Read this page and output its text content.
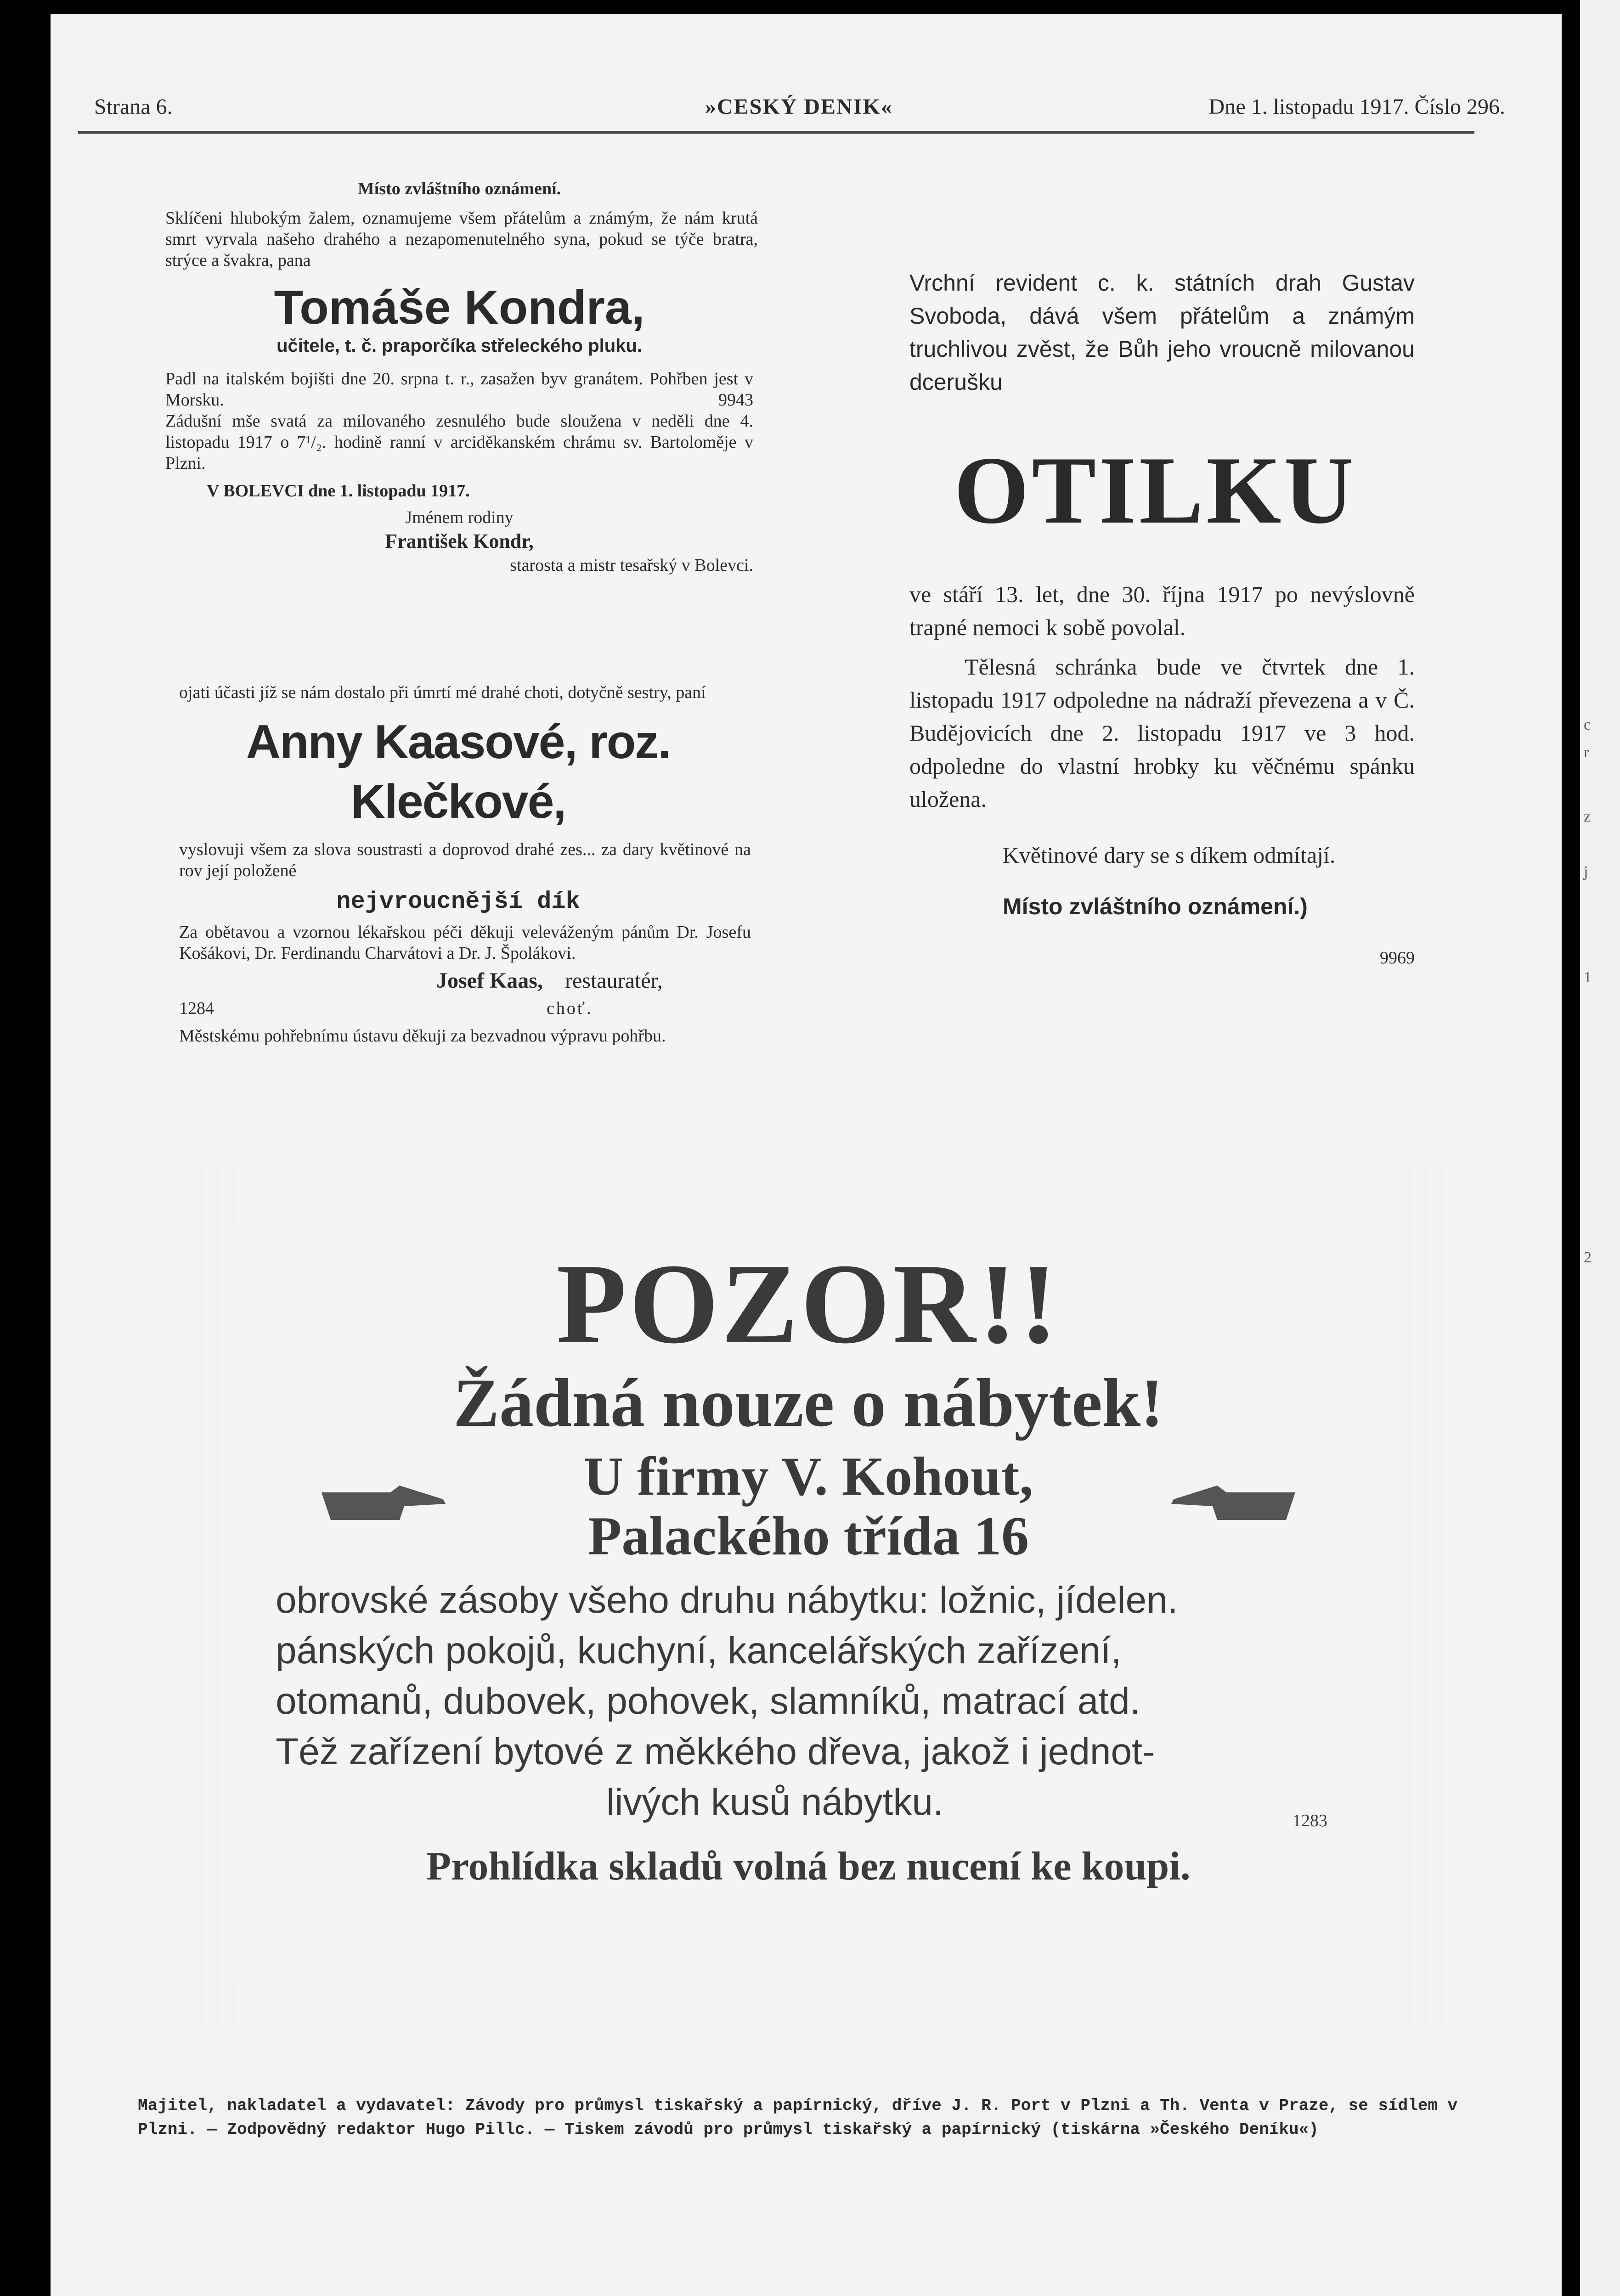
c
r
z
j
1
2
Strana 6.	»CESKÝ DENIK«	Dne 1. listopadu 1917. Číslo 296.
Místo zvláštního oznámení.
Sklíčeni hlubokým žalem, oznamujeme všem přátelům a známým, že nám krutá smrt vyrvala našeho drahého a nezapomenutelného syna, pokud se týče bratra, strýce a švakra, pana
Tomáše Kondra,
učitele, t. č. praporčíka střeleckého pluku.
Padl na italském bojišti dne 20. srpna t. r., zasažen byv granátem. Pohřben jest v Morsku.	9943
Zádušní mše svatá za milovaného zesnulého bude sloužena v neděli dne 4. listopadu 1917 o 7¹/₂. hodině ranní v arciděkanském chrámu sv. Bartoloměje v Plzni.
V BOLEVCI dne 1. listopadu 1917.
Jménem rodiny
František Kondr,
starosta a mistr tesařský v Bolevci.
ojati účasti jíž se nám dostalo při úmrtí mé drahé choti, dotyčně sestry, paní
Anny Kaasové, roz. Klečkové,
vyslovuji všem za slova soustrasti a doprovod drahé zes... za dary květinové na rov její položené
nejvroucnější dík
Za obětavou a vzornou lékařskou péči děkuji veleváženým pánům Dr. Josefu Košákovi, Dr. Ferdinandu Charvátovi a Dr. J. Špolákovi.
Josef Kaas, restauratér,
1284	choť.
Městskému pohřebnímu ústavu děkuji za bezvadnou výpravu pohřbu.
Vrchní revident c. k. státních drah Gustav Svoboda, dává všem přátelům a známým truchlivou zvěst, že Bůh jeho vroucně milovanou dcerušku
OTILKU
ve stáří 13. let, dne 30. října 1917 po nevýslovně trapné nemoci k sobě povolal.
Tělesná schránka bude ve čtvrtek dne 1. listopadu 1917 odpoledne na nádraží převezena a v Č. Budějovicích dne 2. listopadu 1917 ve 3 hod. odpoledne do vlastní hrobky ku věčnému spánku uložena.
Květinové dary se s díkem odmítají.
Místo zvláštního oznámení.)
9969
POZOR!!
Žádná nouze o nábytek!
U firmy V. Kohout,
Palackého třída 16
obrovské zásoby všeho druhu nábytku: ložnic, jídelen.
pánských pokojů, kuchyní, kancelářských zařízení,
otomanů, dubovek, pohovek, slamníků, matrací atd.
Též zařízení bytové z měkkého dřeva, jakož i jednot-
livých kusů nábytku.	1283
Prohlídka skladů volná bez nucení ke koupi.
Majitel, nakladatel a vydavatel: Závody pro průmysl tiskařský a papírnický, dříve J. R. Port v Plzni a Th. Venta v Praze, se sídlem v
Plzni. — Zodpovědný redaktor Hugo Pillc. — Tiskem závodů pro průmysl tiskařský a papírnický (tiskárna »Českého Deníku«)
